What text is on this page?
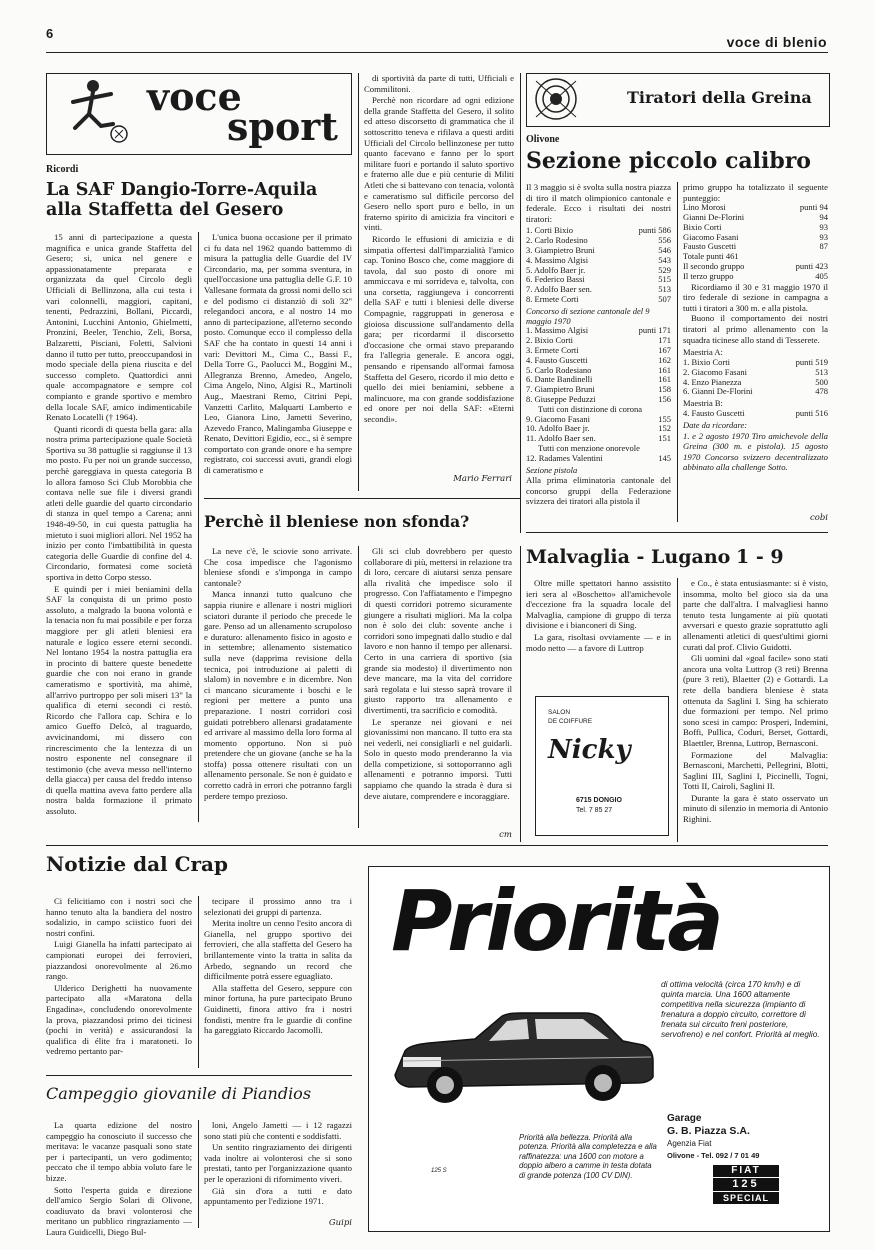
6
voce di blenio
voce
sport
Ricordi
La SAF Dangio-Torre-Aquila alla Staffetta del Gesero

15 anni di partecipazione a questa magnifica e unica grande Staffetta del Gesero; si, unica nel genere e appassionatamente preparata e organizzata da quel Circolo degli Ufficiali di Bellinzona, alla cui testa i vari colonnelli, maggiori, capitani, tenenti, Pedrazzini, Bollani, Piccardi, Antonini, Lucchini Antonio, Ghielmetti, Pronzini, Beeler, Tenchio, Zeli, Borsa, Balzaretti, Pisciani, Foletti, Salvioni danno il tutto per tutto, preoccupandosi in modo speciale della piena riuscita e del successo completo. Quattordici anni quale accompagnatore e sempre col compianto e grande sportivo e membro della locale SAF, amico indimenticabile Renato Locatelli († 1964).

Quanti ricordi di questa bella gara: alla nostra prima partecipazione quale Società Sportiva su 38 pattuglie si raggiunse il 13 mo posto. Fu per noi un grande successo, perchè gareggiava in questa categoria B lo allora famoso Sci Club Morobbia che contava nelle sue file i diversi grandi atleti delle guardie del quarto circondario di stanza in quel tempo a Carena; anni 1948-49-50, in cui questa pattuglia ha mietuto i suoi migliori allori. Nel 1952 ha inizio per conto l'imbattibilità in questa categoria delle Guardie di confine del 4. Circondario, formatesi come società sportiva in detto Corpo stesso.

E quindi per i miei beniamini della SAF la conquista di un primo posto assoluto, a malgrado la buona volontà e la tenacia non fu mai possibile e per forza maggiore per gli atleti bleniesi era naturale e logico essere eterni secondi. Nel lontano 1954 la nostra pattuglia era in procinto di battere queste benedette guardie che con noi erano in grande cameratismo e sportività, ma ahimè, all'arrivo purtroppo per soli miseri 13" la qualifica di eterni secondi ci restò. Ricordo che l'allora cap. Schira e lo amico Gueffo Delcò, al traguardo, avvicinandomi, mi dissero con rincrescimento che la lentezza di un nostro esponente nel consegnare il testimonio (che aveva messo nell'interno della giacca) per causa del freddo intenso di quella mattina aveva fatto perdere alla nostra balda formazione il primato assoluto.

L'unica buona occasione per il primato ci fu data nel 1962 quando battemmo di misura la pattuglia delle Guardie del IV Circondario, ma, per somma sventura, in quell'occasione una pattuglia delle G.F. 10 Vallesane formata da grossi nomi dello sci e del podismo ci distanziò di soli 32" relegandoci ancora, e al nostro 14 mo anno di partecipazione, all'eterno secondo posto. Comunque ecco il complesso della SAF che ha contato in questi 14 anni i vari: Devittori M., Cima C., Bassi F., Della Torre G., Paolucci M., Boggini M., Allegranza Brenno, Amedeo, Angelo, Cima Angelo, Nino, Algisi R., Martinoli Aug., Maestrani Remo, Citrini Pepi, Vanzetti Carlito, Malquarti Lamberto e Leo, Gianora Lino, Jametti Severino, Azevedo Franco, Malingamba Giuseppe e Renato, Devittori Egidio, ecc., si è sempre comportato con grande onore e ha sempre registrato, coi successi avuti, grandi elogi di cameratismo e

di sportività da parte di tutti, Ufficiali e Commilitoni.

Perchè non ricordare ad ogni edizione della grande Staffetta del Gesero, il solito ed atteso discorsetto di grammatica che il sottoscritto teneva e rifilava a questi arditi Ufficiali del Circolo bellinzonese per tutto quanto facevano e fanno per lo sport militare fuori e portando il saluto sportivo e fraterno alle due e più centurie di Militi Atleti che si battevano con tenacia, volontà e cameratismo sul difficile percorso del Gesero nello sport puro e bello, in un fraterno spirito di amicizia fra vincitori e vinti.

Ricordo le effusioni di amicizia e di simpatia offertesi dall'imparzialità l'amico cap. Tonino Bosco che, come maggiore di tavola, dal suo posto di onore mi ammiccava e mi sorrideva e, talvolta, con una corsetta, raggiungeva i concorrenti della SAF e tutti i bleniesi delle diverse Compagnie, raggruppati in generosa e gioiosa discussione sull'andamento della gara; per ricordarmi il discorsetto d'occasione che ormai stavo preparando fra l'allegria generale. E ancora oggi, pensando e ripensando all'ormai famosa Staffetta del Gesero, ricordo il mio detto e quello dei miei beniamini, sebbene a malincuore, ma con grande soddisfazione ed onore per noi della SAF: «Eterni secondi».

Mario Ferrari
Tiratori della Greina
Olivone
Sezione piccolo calibro
Il 3 maggio si è svolta sulla nostra piazza di tiro il match olimpionico cantonale e federale. Ecco i risultati dei nostri tiratori:
1. Corti Bixio	punti 586
2. Carlo Rodesino	556
3. Giampietro Bruni	546
4. Massimo Algisi	543
5. Adolfo Baer jr.	529
6. Federico Bassi	515
7. Adolfo Baer sen.	513
8. Ermete Corti	507
Concorso di sezione cantonale del 9 maggio 1970
1. Massimo Algisi	punti 171
2. Bixio Corti	171
3. Ermete Corti	167
4. Fausto Guscetti	162
5. Carlo Rodesiano	161
6. Dante Bandinelli	161
7. Giampietro Bruni	158
8. Giuseppe Peduzzi	156
Tutti con distinzione di corona
9. Giacomo Fasani	155
10. Adolfo Baer jr.	152
11. Adolfo Baer sen.	151
Tutti con menzione onorevole
12. Radames Valentini	145
Sezione pistola
Alla prima eliminatoria cantonale del concorso gruppi della Federazione svizzera dei tiratori alla pistola il
primo gruppo ha totalizzato il seguente punteggio:
Lino Morosi	punti 94
Gianni De-Florini	94
Bixio Corti	93
Giacomo Fasani	93
Fausto Guscetti	87
Totale punti 461
Il secondo gruppo	punti 423
Il terzo gruppo	405
Ricordiamo il 30 e 31 maggio 1970 il tiro federale di sezione in campagna a tutti i tiratori a 300 m. e alla pistola.
Buono il comportamento dei nostri tiratori al primo allenamento con la squadra ticinese allo stand di Tesserete.
Maestria A:
1. Bixio Corti	punti 519
2. Giacomo Fasani	513
4. Enzo Pianezza	500
6. Gianni De-Florini	478
Maestria B:
4. Fausto Guscetti	punti 516
Date da ricordare:
1. e 2 agosto 1970 Tiro amichevole della Greina (300 m. e pistola). 15 agosto 1970 Concorso svizzero decentralizzato abbinato alla challenge Sotto.
cobi
Perchè il bleniese non sfonda?

La neve c'è, le sciovie sono arrivate. Che cosa impedisce che l'agonismo bleniese sfondi e s'imponga in campo cantonale?

Manca innanzi tutto qualcuno che sappia riunire e allenare i nostri migliori sciatori durante il periodo che precede le gare. Penso ad un allenamento scrupoloso e duraturo: allenamento fisico in agosto e in settembre; allenamento sistematico sulla neve (dapprima revisione della tecnica, poi introduzione ai paletti di slalom) in novembre e in dicembre. Non ci mancano sicuramente i boschi e le regioni per mettere a punto una preparazione. I nostri corridori così guidati potrebbero allenarsi gradatamente ed arrivare al massimo della loro forma al momento opportuno. Non si può pretendere che un giovane (anche se ha la stoffa) possa ottenere risultati con un allenamento personale. Se non è guidato e corretto cadrà in errori che potranno fargli perdere tempo prezioso.

Gli sci club dovrebbero per questo collaborare di più, mettersi in relazione tra di loro, cercare di aiutarsi senza pensare alla rivalità che impedisce solo il progresso. Con l'affiatamento e l'impegno di questi corridori potremo sicuramente giungere a risultati migliori. Ma la colpa non è solo dei club: sovente anche i corridori sono impegnati dallo studio e dal lavoro e non hanno il tempo per allenarsi. Certo in una carriera di sportivo (sia grande sia modesto) il divertimento non deve mancare, ma la vita del corridore sarà regolata e lui stesso saprà trovare il giusto rapporto tra allenamento e divertimenti, tra sacrificio e comodità.

Le speranze nei giovani e nei giovanissimi non mancano. Il tutto era sta nei vederli, nei consigliarli e nel guidarli. Solo in questo modo prenderanno la via della competizione, si sottoporranno agli allenamenti e potranno imporsi. Tutti sappiamo che quando la strada è dura si deve aiutare, comprendere e incoraggiare.

cm
Malvaglia - Lugano 1 - 9

Oltre mille spettatori hanno assistito ieri sera al «Boschetto» all'amichevole d'eccezione fra la squadra locale del Malvaglia, campione di gruppo di terza divisione e i bianconeri di Sing.

La gara, risoltasi ovviamente — e in modo netto — a favore di Luttrop

e Co., è stata entusiasmante: si è visto, insomma, molto bel gioco sia da una parte che dall'altra. I malvagliesi hanno tenuto testa lungamente ai più quotati avversari e questo grazie soprattutto agli allenamenti atletici di quest'ultimi giorni curati dal prof. Clivio Guidotti.

Gli uomini dal «goal facile» sono stati ancora una volta Luttrop (3 reti) Brenna (pure 3 reti), Blaetter (2) e Gottardi. La rete della bandiera bleniese è stata ottenuta da Saglini I. Sing ha schierato due formazioni per tempo. Nel primo sono scesi in campo: Prosperi, Indemini, Boffi, Pullica, Coduri, Berset, Gottardi, Blaettler, Brenna, Luttrop, Bernasconi.

Formazione del Malvaglia: Bernasconi, Marchetti, Pellegrini, Blotti, Saglini III, Saglini I, Piccinelli, Togni, Totti II, Cairoli, Saglini II.

Durante la gara è stato osservato un minuto di silenzio in memoria di Antonio Righini.

SALON
DE COIFFURE
Nicky
6715 DONGIO
Tel. 7 85 27
Notizie dal Crap

Ci felicitiamo con i nostri soci che hanno tenuto alta la bandiera del nostro sodalizio, in campo sciistico fuori dei nostri confini.

Luigi Gianella ha infatti partecipato ai campionati europei dei ferrovieri, piazzandosi onorevolmente al 26.mo rango.

Ulderico Derighetti ha nuovamente partecipato alla «Maratona della Engadina», concludendo onorevolmente la prova, piazzandosi primo dei ticinesi (pochi in verità) e assicurandosi la qualifica di élite fra i maratoneti. Io vedremo pertanto par-

tecipare il prossimo anno tra i selezionati dei gruppi di partenza.

Merita inoltre un cenno l'esito ancora di Gianella, nel gruppo sportivo dei ferrovieri, che alla staffetta del Gesero ha brillantemente vinto la tratta in salita da Arbedo, segnando un record che difficilmente potrà essere eguagliato.

Alla staffetta del Gesero, seppure con minor fortuna, ha pure partecipato Bruno Guidinetti, finora attivo fra i nostri fondisti, mentre fra le guardie di confine ha gareggiato Riccardo Jacomolli.

Campeggio giovanile di Piandios

La quarta edizione del nostro campeggio ha conosciuto il successo che meritava: le vacanze pasquali sono state per i partecipanti, un vero godimento; peccato che il tempo abbia voluto fare le bizze.

Sotto l'esperta guida e direzione dell'amico Sergio Solari di Olivone, coadiuvato da bravi volonterosi che meritano un pubblico ringraziamento — Laura Guidicelli, Diego Bul-

loni, Angelo Jametti — i 12 ragazzi sono stati più che contenti e soddisfatti.

Un sentito ringraziamento dei dirigenti vada inoltre ai volonterosi che si sono prestati, tanto per l'organizzazione quanto per le operazioni di rifornimento viveri.

Già sin d'ora a tutti e dato appuntamento per l'edizione 1971.

Guipi
Priorità
di ottima velocità (circa 170 km/h) e di quinta marcia. Una 1600 altamente competitiva nella sicurezza (impianto di frenatura a doppio circuito, correttore di frenata sui circuito freni posteriore, servofreno) e nel confort. Priorità al meglio.
125 S
Priorità alla bellezza. Priorità alla potenza. Priorità alla completezza e alla raffinatezza: una 1600 con motore a doppio albero a camme in testa dotata di grande potenza (100 CV DIN).
Garage
G. B. Piazza S.A.
Agenzia Fiat
Olivone - Tel. 092 / 7 01 49
FIAT
125
SPECIAL
